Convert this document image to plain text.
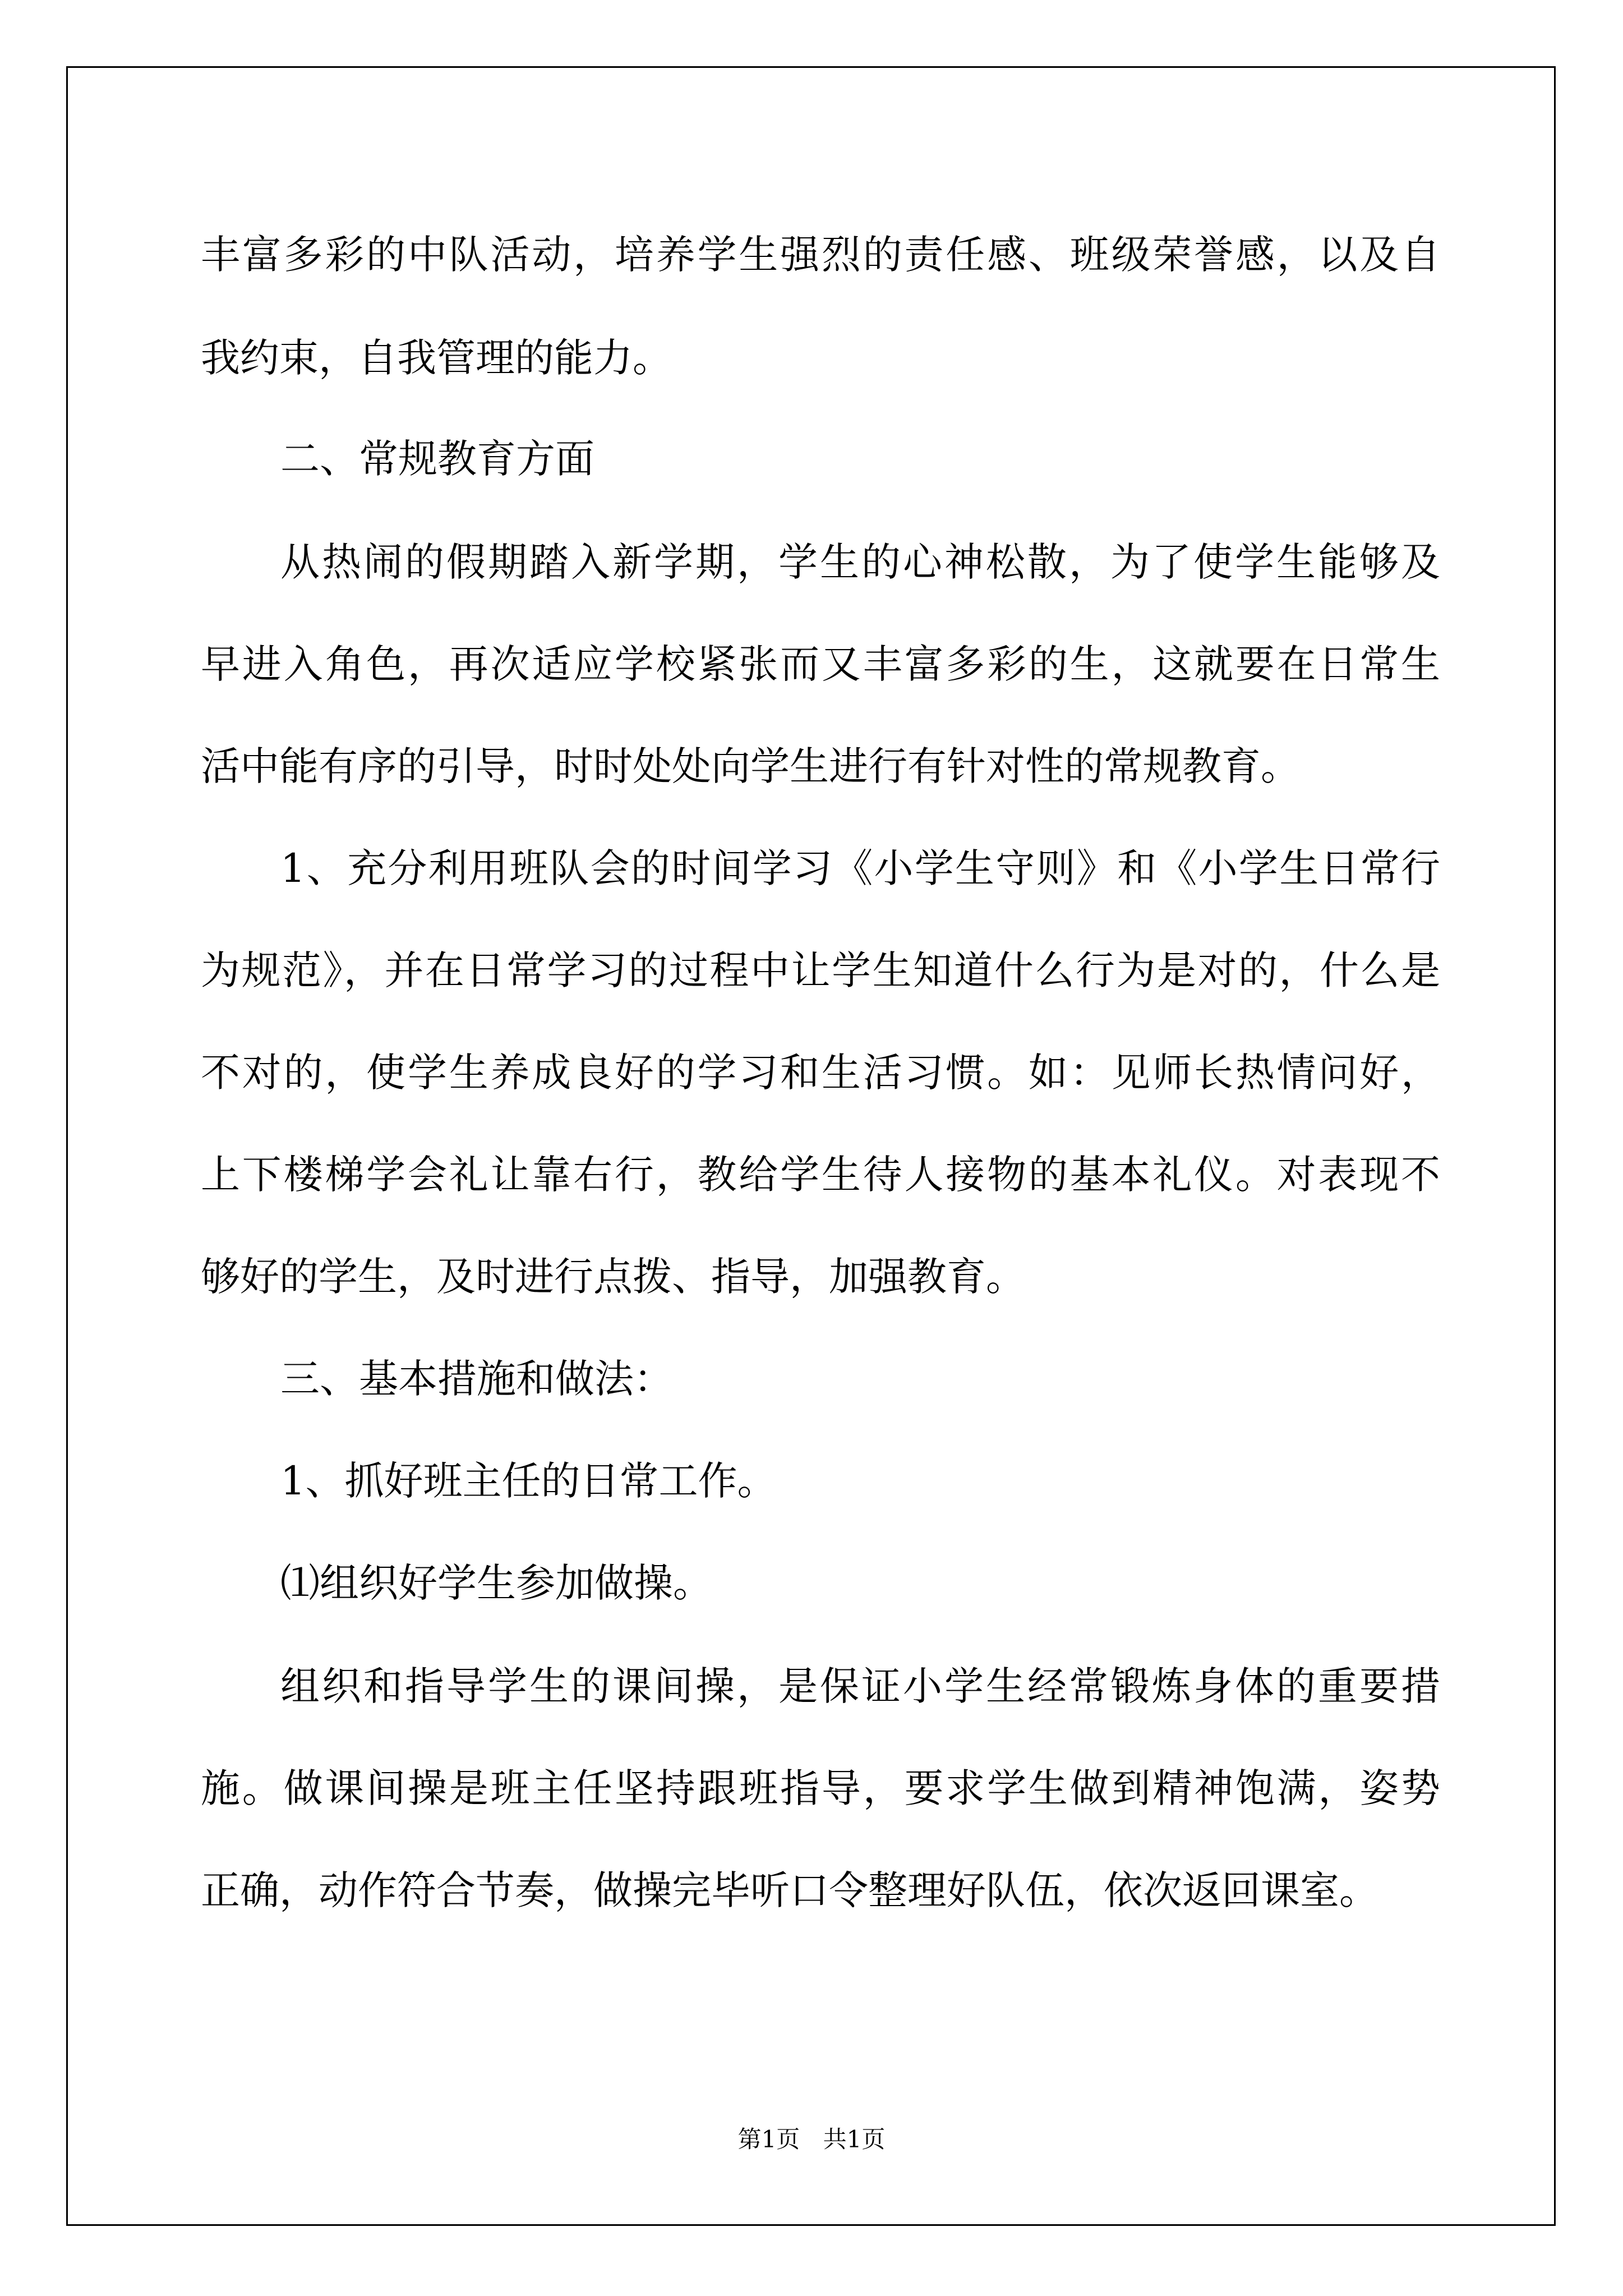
丰富多彩的中队活动，培养学生强烈的责任感、班级荣誉感，以及自
我约束，自我管理的能力。
二、常规教育方面
从热闹的假期踏入新学期，学生的心神松散，为了使学生能够及
早进入角色，再次适应学校紧张而又丰富多彩的生，这就要在日常生
活中能有序的引导，时时处处向学生进行有针对性的常规教育。
1、充分利用班队会的时间学习《小学生守则》和《小学生日常行
为规范》，并在日常学习的过程中让学生知道什么行为是对的，什么是
不对的，使学生养成良好的学习和生活习惯。如：见师长热情问好，
上下楼梯学会礼让靠右行，教给学生待人接物的基本礼仪。对表现不
够好的学生，及时进行点拨、指导，加强教育。
三、基本措施和做法：
1、抓好班主任的日常工作。
⑴组织好学生参加做操。
组织和指导学生的课间操，是保证小学生经常锻炼身体的重要措
施。做课间操是班主任坚持跟班指导，要求学生做到精神饱满，姿势
正确，动作符合节奏，做操完毕听口令整理好队伍，依次返回课室。
第1页 共1页
